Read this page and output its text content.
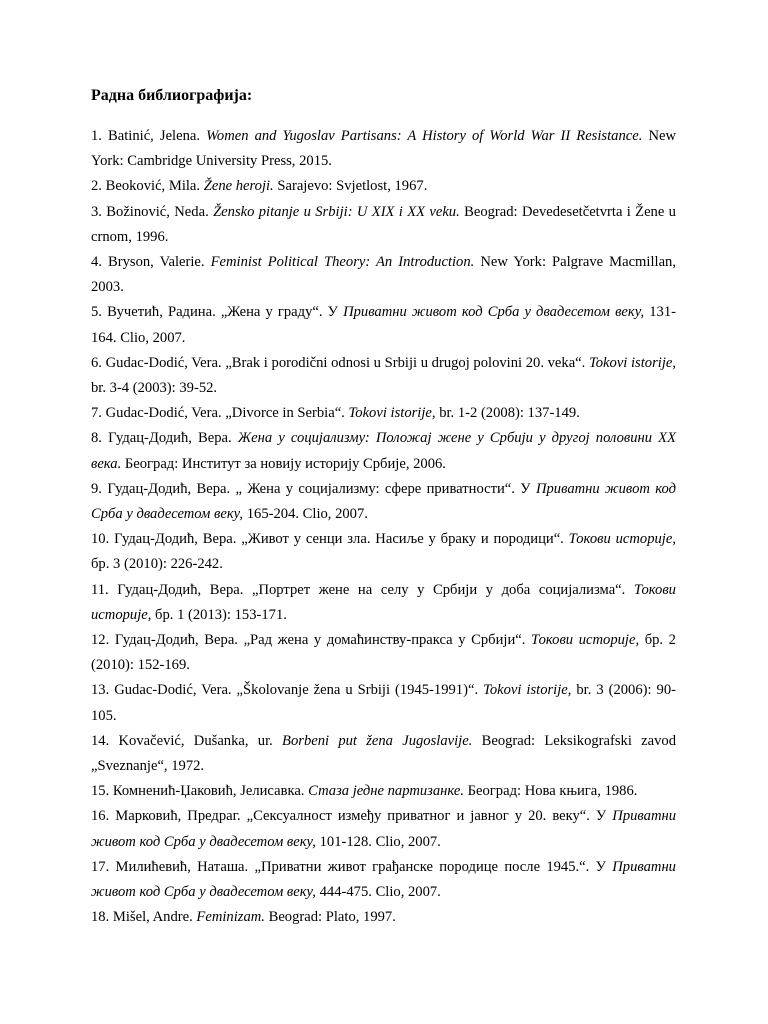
Радна библиографија:
1. Batinić, Jelena. Women and Yugoslav Partisans: A History of World War II Resistance. New York: Cambridge University Press, 2015.
2. Beoković, Mila. Žene heroji. Sarajevo: Svjetlost, 1967.
3. Božinović, Neda. Žensko pitanje u Srbiji: U XIX i XX veku. Beograd: Devedesetčetvrta i Žene u crnom, 1996.
4. Bryson, Valerie. Feminist Political Theory: An Introduction. New York: Palgrave Macmillan, 2003.
5. Вучетић, Радина. „Жена у граду“. У Приватни живот код Срба у двадесетом веку, 131-164. Clio, 2007.
6. Gudac-Dodić, Vera. „Brak i porodični odnosi u Srbiji u drugoj polovini 20. veka“. Tokovi istorije, br. 3-4 (2003): 39-52.
7. Gudac-Dodić, Vera. „Divorce in Serbia“. Tokovi istorije, br. 1-2 (2008): 137-149.
8. Гудац-Додић, Вера. Жена у социјализму: Положај жене у Србији у другој половини XX века. Београд: Институт за новију историју Србије, 2006.
9. Гудац-Додић, Вера. „ Жена у социјализму: сфере приватности“. У Приватни живот код Срба у двадесетом веку, 165-204. Clio, 2007.
10. Гудац-Додић, Вера. „Живот у сенци зла. Насиље у браку и породици“. Токови историје, бр. 3 (2010): 226-242.
11. Гудац-Додић, Вера. „Портрет жене на селу у Србији у доба социјализма“. Токови историје, бр. 1 (2013): 153-171.
12. Гудац-Додић, Вера. „Рад жена у домаћинству-пракса у Србији“. Токови историје, бр. 2 (2010): 152-169.
13. Gudac-Dodić, Vera. „Školovanje žena u Srbiji (1945-1991)“. Tokovi istorije, br. 3 (2006): 90-105.
14. Kovačević, Dušanka, ur. Borbeni put žena Jugoslavije. Beograd: Leksikografski zavod „Sveznanje“, 1972.
15. Комненић-Џаковић, Јелисавка. Стаза једне партизанке. Београд: Нова књига, 1986.
16. Марковић, Предраг. „Сексуалност између приватног и јавног у 20. веку“. У Приватни живот код Срба у двадесетом веку, 101-128. Clio, 2007.
17. Милићевић, Наташа. „Приватни живот грађанске породице после 1945.“. У Приватни живот код Срба у двадесетом веку, 444-475. Clio, 2007.
18. Mišel, Andre. Feminizam. Beograd: Plato, 1997.
